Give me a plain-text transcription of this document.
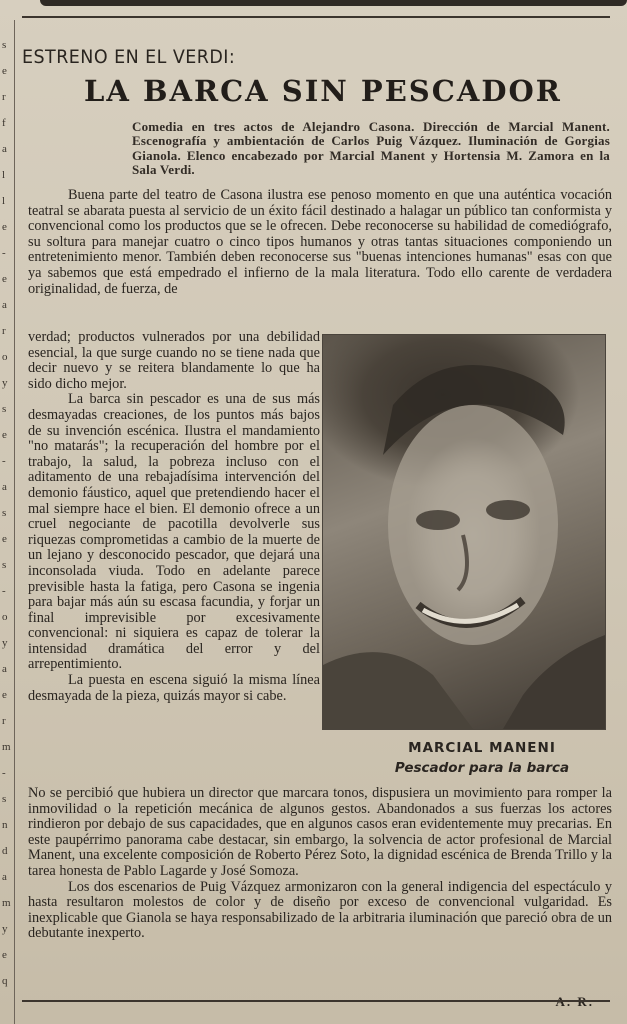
s
e
r
f
a
l
l
e
-
e
a
r
o
y
s
e
-
a
s
e
s
-
o
y
a
e
r
m
-
s
n
d
a
m
y
e
q
ESTRENO EN EL VERDI:
LA BARCA SIN PESCADOR
Comedia en tres actos de Alejandro Casona. Dirección de Marcial Manent. Escenografía y ambientación de Carlos Puig Vázquez. Iluminación de Gorgias Gianola. Elenco encabezado por Marcial Manent y Hortensia M. Zamora en la Sala Verdi.

Buena parte del teatro de Casona ilustra ese penoso momento en que una auténtica vocación teatral se abarata puesta al servicio de un éxito fácil destinado a halagar un público tan conformista y convencional como los productos que se le ofrecen. Debe reconocerse su habilidad de comediógrafo, su soltura para manejar cuatro o cinco tipos humanos y otras tantas situaciones componiendo un entretenimiento menor. También deben reconocerse sus "buenas intenciones humanas" esas con que ya sabemos que está empedrado el infierno de la mala literatura. Todo ello carente de verdadera originalidad, de fuerza, de

verdad; productos vulnerados por una debilidad esencial, la que surge cuando no se tiene nada que decir nuevo y se reitera blandamente lo que ha sido dicho mejor.

La barca sin pescador es una de sus más desmayadas creaciones, de los puntos más bajos de su invención escénica. Ilustra el mandamiento "no matarás"; la recuperación del hombre por el trabajo, la salud, la pobreza incluso con el aditamento de una rebajadísima intervención del demonio fáustico, aquel que pretendiendo hacer el mal siempre hace el bien. El demonio ofrece a un cruel negociante de pacotilla devolverle sus riquezas comprometidas a cambio de la muerte de un lejano y desconocido pescador, que dejará una inconsolada viuda. Todo en adelante parece previsible hasta la fatiga, pero Casona se ingenia para bajar más aún su escasa facundia, y forjar un final imprevisible por excesivamente convencional: ni siquiera es capaz de tolerar la intensidad dramática del error y del arrepentimiento.

La puesta en escena siguió la misma línea desmayada de la pieza, quizás mayor si cabe.

MARCIAL MANENI
Pescador para la barca

No se percibió que hubiera un director que marcara tonos, dispusiera un movimiento para romper la inmovilidad o la repetición mecánica de algunos gestos. Abandonados a sus fuerzas los actores rindieron por debajo de sus capacidades, que en algunos casos eran evidentemente muy precarias. En este paupérrimo panorama cabe destacar, sin embargo, la solvencia de actor profesional de Marcial Manent, una excelente composición de Roberto Pérez Soto, la dignidad escénica de Brenda Trillo y la tarea honesta de Pablo Lagarde y José Somoza.

Los dos escenarios de Puig Vázquez armonizaron con la general indigencia del espectáculo y hasta resultaron molestos de color y de diseño por exceso de convencional vulgaridad. Es inexplicable que Gianola se haya responsabilizado de la arbitraria iluminación que pareció obra de un debutante inexperto.
